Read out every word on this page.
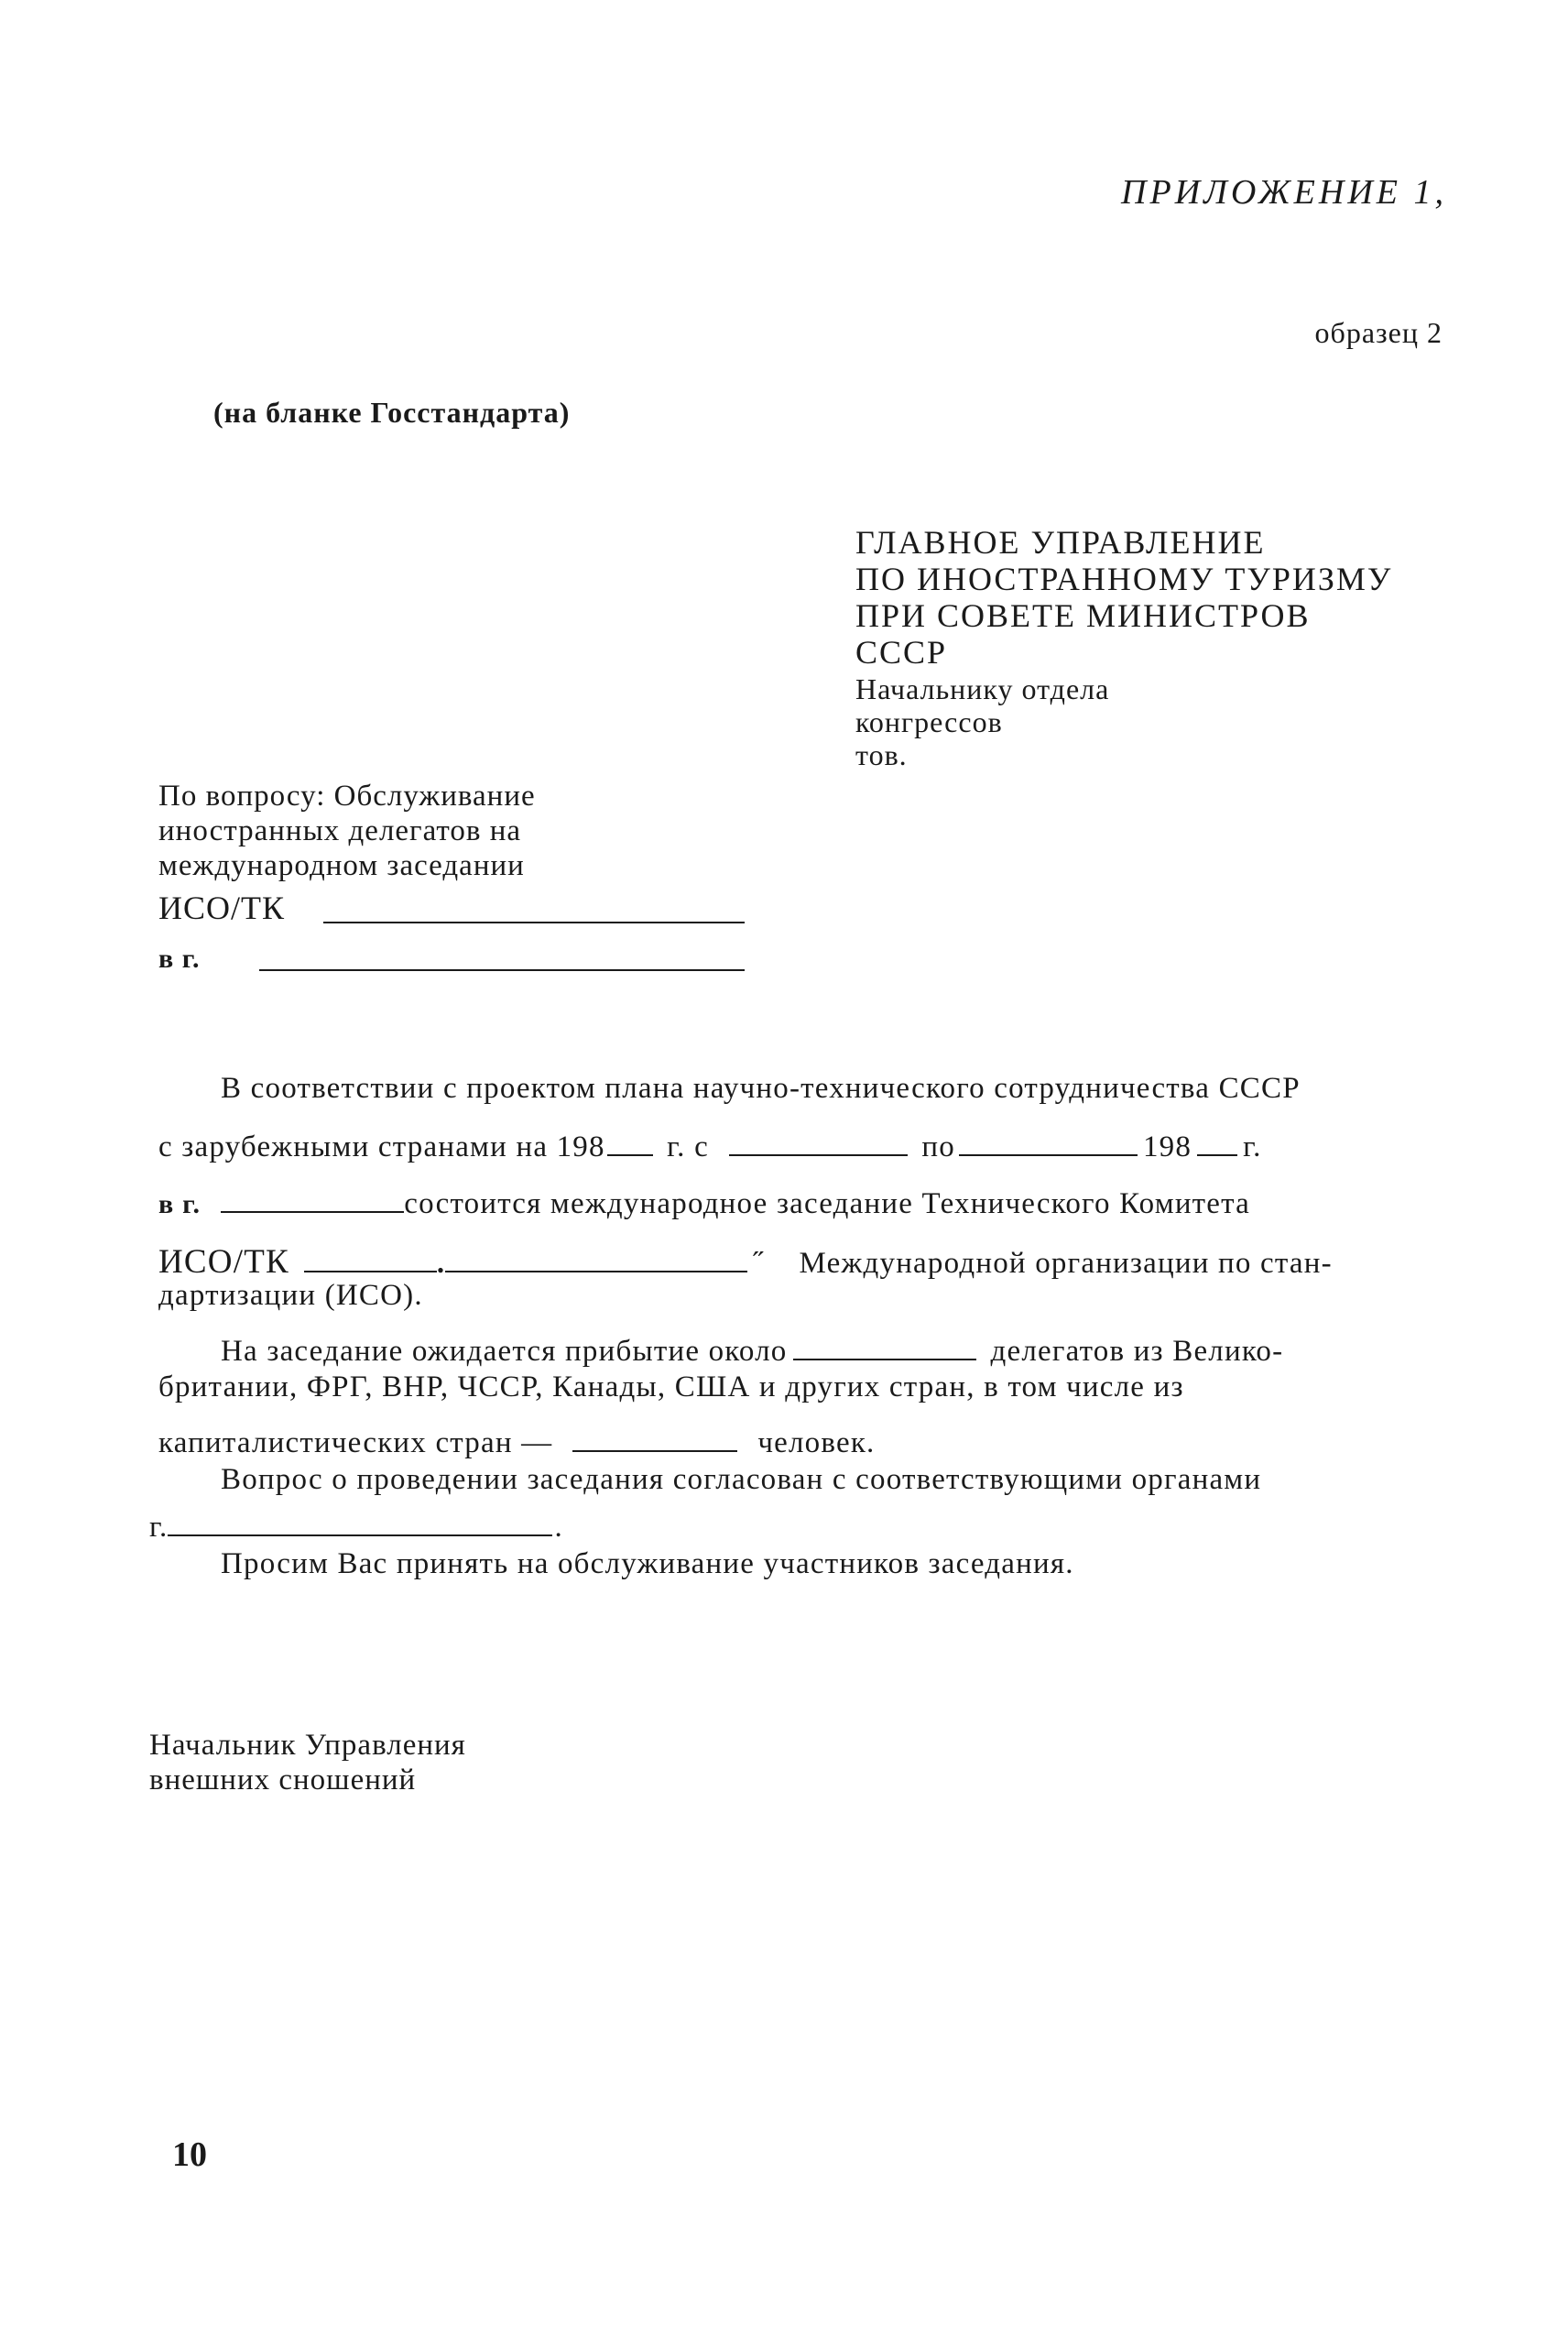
ПРИЛОЖЕНИЕ 1,
образец 2
(на бланке Госстандарта)
ГЛАВНОЕ УПРАВЛЕНИЕ
ПО ИНОСТРАННОМУ ТУРИЗМУ
ПРИ СОВЕТЕ МИНИСТРОВ
СССР
Начальнику отдела
конгрессов
тов.
По вопросу: Обслуживание
иностранных делегатов на
международном заседании
ИСО/ТК
в г.
В соответствии с проектом плана научно-технического сотрудничества СССР
с зарубежными странами на 198 г. с	по	198 г.
в г.	состоится международное заседание Технического Комитета
ИСО/ТК	.	˝ Международной организации по стан-
дартизации (ИСО).
На заседание ожидается прибытие около	делегатов из Велико-
британии, ФРГ, ВНР, ЧССР, Канады, США и других стран, в том числе из
капиталистических стран —	человек.
Вопрос о проведении заседания согласован с соответствующими органами
г.	.
Просим Вас принять на обслуживание участников заседания.
Начальник Управления
внешних сношений
10
